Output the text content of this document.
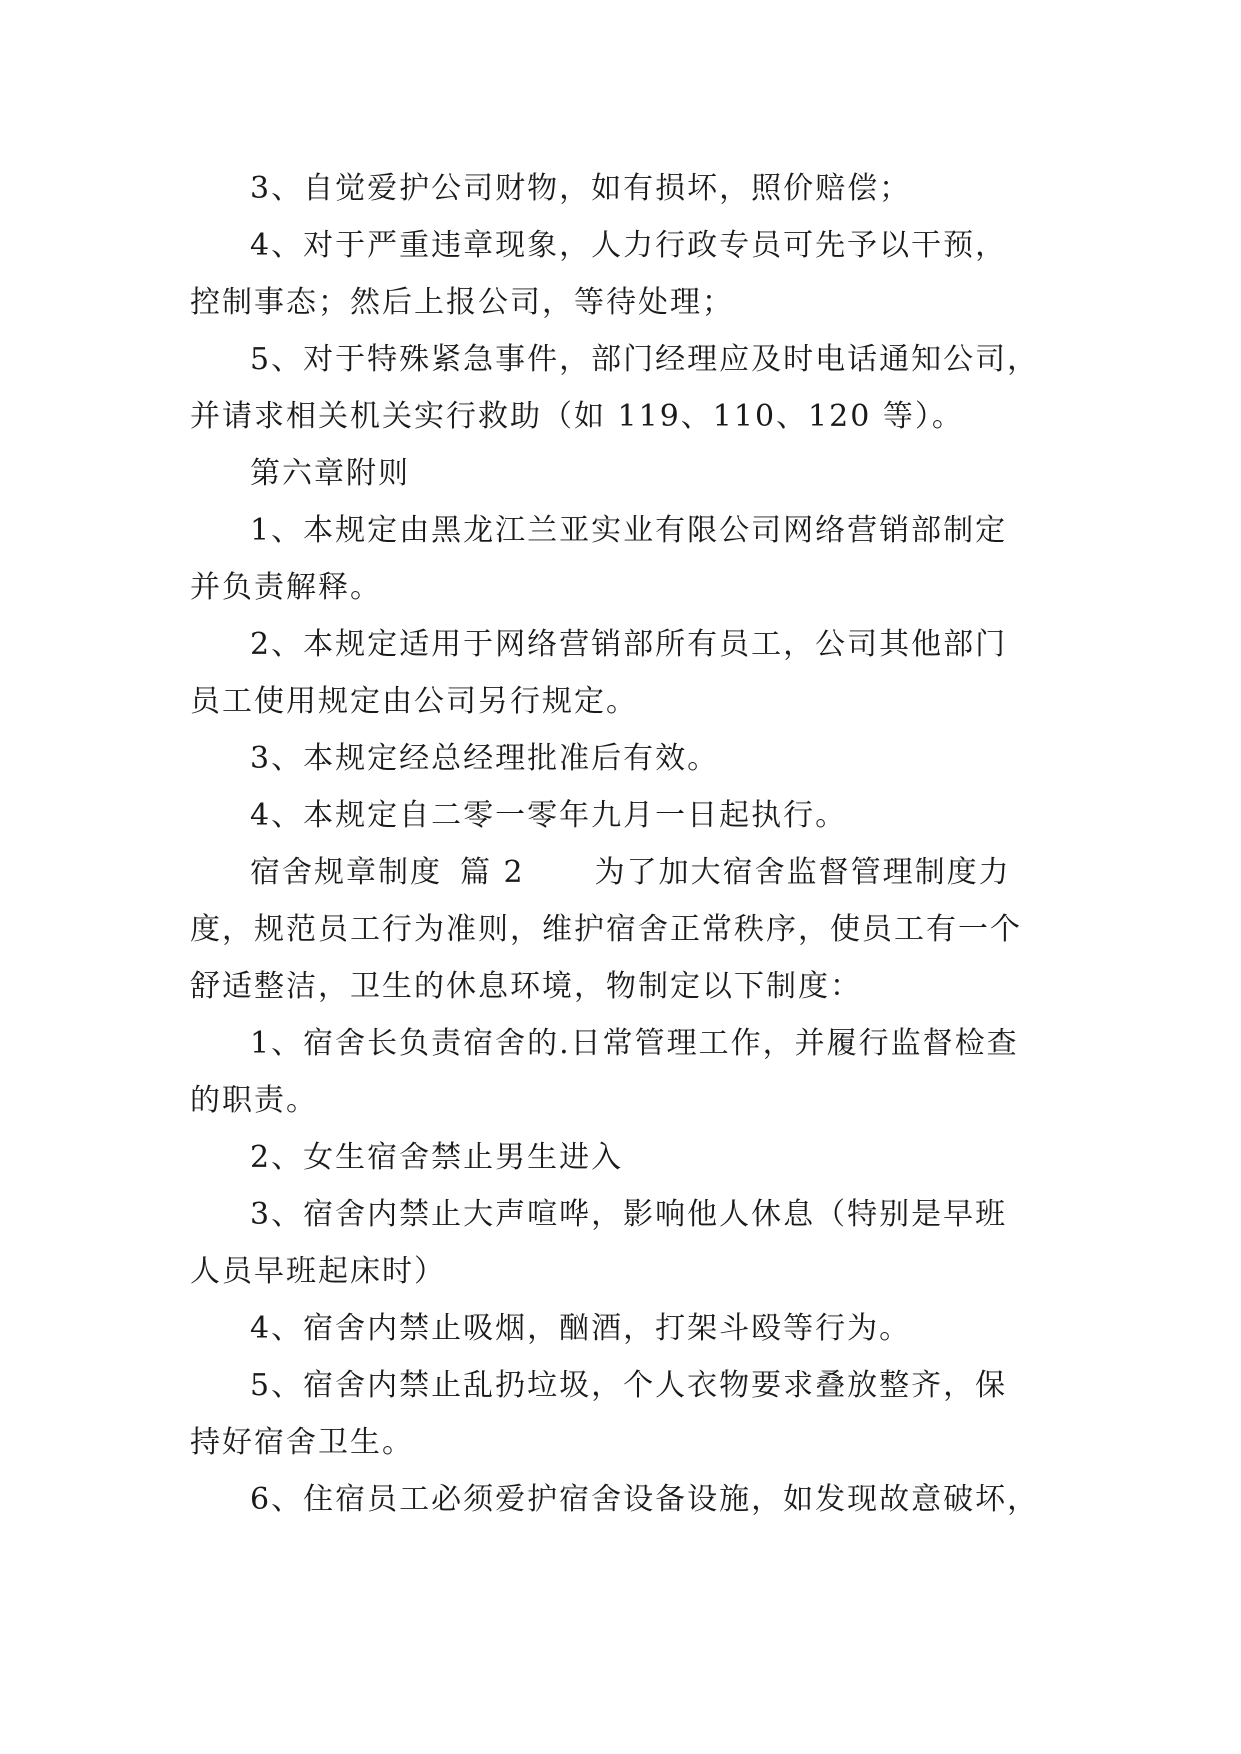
3、自觉爱护公司财物，如有损坏，照价赔偿；
4、对于严重违章现象，人力行政专员可先予以干预，
控制事态；然后上报公司，等待处理；
5、对于特殊紧急事件，部门经理应及时电话通知公司，
并请求相关机关实行救助（如 119、110、120 等）。
第六章附则
1、本规定由黑龙江兰亚实业有限公司网络营销部制定
并负责解释。
2、本规定适用于网络营销部所有员工，公司其他部门
员工使用规定由公司另行规定。
3、本规定经总经理批准后有效。
4、本规定自二零一零年九月一日起执行。
宿舍规章制度 篇 2 为了加大宿舍监督管理制度力
度，规范员工行为准则，维护宿舍正常秩序，使员工有一个
舒适整洁，卫生的休息环境，物制定以下制度：
1、宿舍长负责宿舍的.日常管理工作，并履行监督检查
的职责。
2、女生宿舍禁止男生进入
3、宿舍内禁止大声喧哗，影响他人休息（特别是早班
人员早班起床时）
4、宿舍内禁止吸烟，酗酒，打架斗殴等行为。
5、宿舍内禁止乱扔垃圾，个人衣物要求叠放整齐，保
持好宿舍卫生。
6、住宿员工必须爱护宿舍设备设施，如发现故意破坏，
